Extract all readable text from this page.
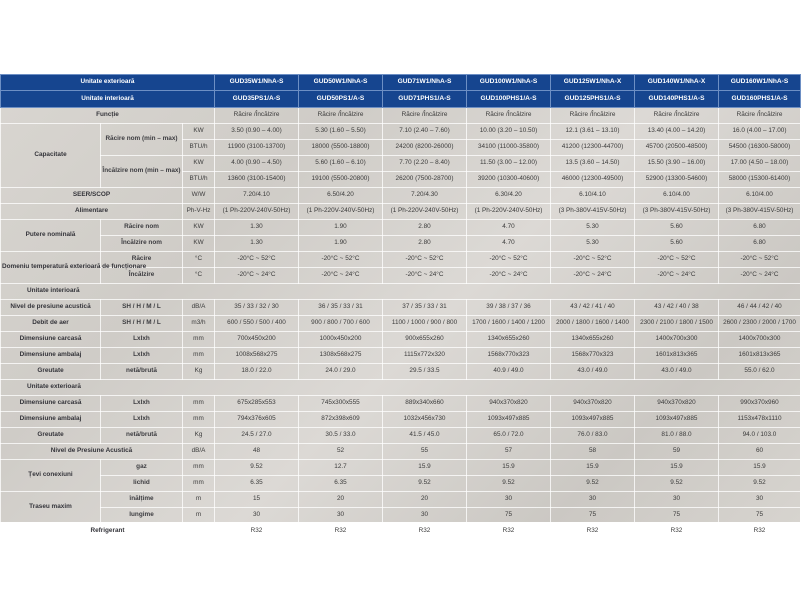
Unitate exterioară			GUD35W1/NhA-S	GUD50W1/NhA-S	GUD71W1/NhA-S	GUD100W1/NhA-S	GUD125W1/NhA-X	GUD140W1/NhA-X	GUD160W1/NhA-S
Unitate interioară			GUD35PS1/A-S	GUD50PS1/A-S	GUD71PHS1/A-S	GUD100PHS1/A-S	GUD125PHS1/A-S	GUD140PHS1/A-S	GUD160PHS1/A-S
Funcție			Răcire /Încălzire	Răcire /Încălzire	Răcire /Încălzire	Răcire /Încălzire	Răcire /Încălzire	Răcire /Încălzire	Răcire /Încălzire
Capacitate	Răcire nom (min – max)	KW	3.50 (0.90 – 4.00)	5.30 (1.60 – 5.50)	7.10 (2.40 – 7.60)	10.00 (3.20 – 10.50)	12.1 (3.61 – 13.10)	13.40 (4.00 – 14.20)	16.0 (4.00 – 17.00)
		BTU/h	11900 (3100-13700)	18000 (5500-18800)	24200 (8200-26000)	34100 (11000-35800)	41200 (12300-44700)	45700 (20500-48500)	54500 (16300-58000)
	Încălzire nom (min – max)	KW	4.00 (0.90 – 4.50)	5.60 (1.60 – 6.10)	7.70 (2.20 – 8.40)	11.50 (3.00 – 12.00)	13.5 (3.60 – 14.50)	15.50 (3.90 – 16.00)	17.00 (4.50 – 18.00)
		BTU/h	13600 (3100-15400)	19100 (5500-20800)	26200 (7500-28700)	39200 (10300-40600)	46000 (12300-49500)	52900 (13300-54600)	58000 (15300-61400)
SEER/SCOP		W/W	7.20/4.10	6.50/4.20	7.20/4.30	6.30/4.20	6.10/4.10	6.10/4.00	6.10/4.00
Alimentare		Ph-V-Hz	(1 Ph-220V-240V-50Hz)	(1 Ph-220V-240V-50Hz)	(1 Ph-220V-240V-50Hz)	(1 Ph-220V-240V-50Hz)	(3 Ph-380V-415V-50Hz)	(3 Ph-380V-415V-50Hz)	(3 Ph-380V-415V-50Hz)
Putere nominală	Răcire nom	KW	1.30	1.90	2.80	4.70	5.30	5.60	6.80
	Încălzire nom	KW	1.30	1.90	2.80	4.70	5.30	5.60	6.80
Domeniu temperatură exterioară de funcționare	Răcire	°C	-20°C ~ 52°C	-20°C ~ 52°C	-20°C ~ 52°C	-20°C ~ 52°C	-20°C ~ 52°C	-20°C ~ 52°C	-20°C ~ 52°C
	Încălzire	°C	-20°C ~ 24°C	-20°C ~ 24°C	-20°C ~ 24°C	-20°C ~ 24°C	-20°C ~ 24°C	-20°C ~ 24°C	-20°C ~ 24°C
Unitate interioară									
Nivel de presiune acustică	SH / H / M / L	dB/A	35 / 33 / 32 / 30	36 / 35 / 33 / 31	37 / 35 / 33 / 31	39 / 38 / 37 / 36	43 / 42 / 41 / 40	43 / 42 / 40 / 38	46 / 44 / 42 / 40
Debit de aer	SH / H / M / L	m3/h	600 / 550 / 500 / 400	900 / 800 / 700 / 600	1100 / 1000 / 900 / 800	1700 / 1600 / 1400 / 1200	2000 / 1800 / 1600 / 1400	2300 / 2100 / 1800 / 1500	2600 / 2300 / 2000 / 1700
Dimensiune carcasă	Lxlxh	mm	700x450x200	1000x450x200	900x655x260	1340x655x260	1340x655x260	1400x700x300	1400x700x300
Dimensiune ambalaj	Lxlxh	mm	1008x568x275	1308x568x275	1115x772x320	1568x770x323	1568x770x323	1601x813x365	1601x813x365
Greutate	netă/brută	Kg	18.0 / 22.0	24.0 / 29.0	29.5 / 33.5	40.9 / 49.0	43.0 / 49.0	43.0 / 49.0	55.0 / 62.0
Unitate exterioară									
Dimensiune carcasă	Lxlxh	mm	675x285x553	745x300x555	889x340x660	940x370x820	940x370x820	940x370x820	990x370x960
Dimensiune ambalaj	Lxlxh	mm	794x376x605	872x398x609	1032x456x730	1093x497x885	1093x497x885	1093x497x885	1153x478x1110
Greutate	netă/brută	Kg	24.5 / 27.0	30.5 / 33.0	41.5 / 45.0	65.0 / 72.0	76.0 / 83.0	81.0 / 88.0	94.0 / 103.0
Nivel de Presiune Acustică		dB/A	48	52	55	57	58	59	60
Țevi conexiuni	gaz	mm	9.52	12.7	15.9	15.9	15.9	15.9	15.9
	lichid	mm	6.35	6.35	9.52	9.52	9.52	9.52	9.52
Traseu maxim	înălțime	m	15	20	20	30	30	30	30
	lungime	m	30	30	30	75	75	75	75
Refrigerant			R32	R32	R32	R32	R32	R32	R32
